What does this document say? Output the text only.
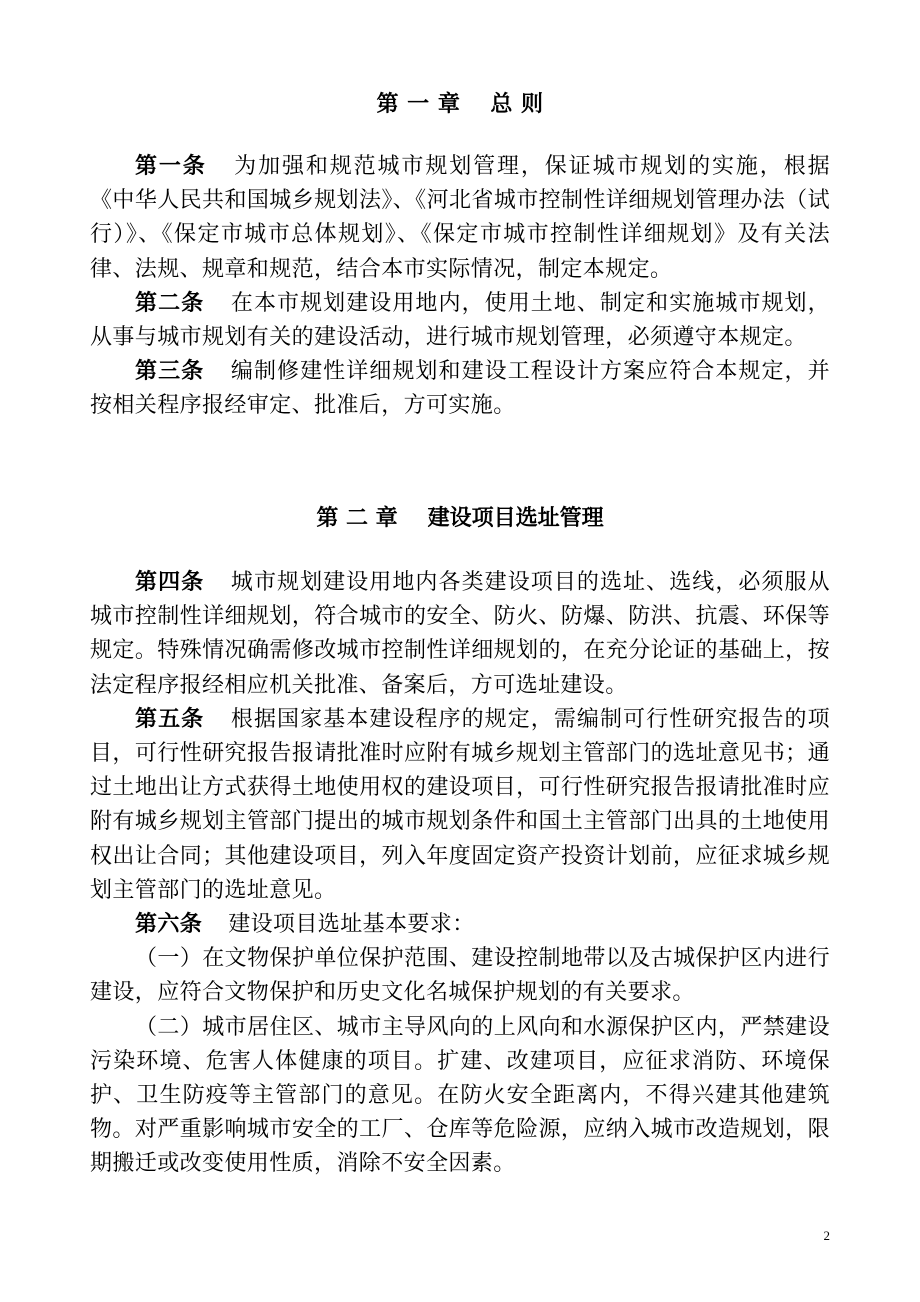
第 一 章 总 则

第一条 为加强和规范城市规划管理，保证城市规划的实施，根据《中华人民共和国城乡规划法》、《河北省城市控制性详细规划管理办法（试行）》、《保定市城市总体规划》、《保定市城市控制性详细规划》及有关法律、法规、规章和规范，结合本市实际情况，制定本规定。

第二条 在本市规划建设用地内，使用土地、制定和实施城市规划，从事与城市规划有关的建设活动，进行城市规划管理，必须遵守本规定。

第三条 编制修建性详细规划和建设工程设计方案应符合本规定，并按相关程序报经审定、批准后，方可实施。

第 二 章 建设项目选址管理

第四条 城市规划建设用地内各类建设项目的选址、选线，必须服从城市控制性详细规划，符合城市的安全、防火、防爆、防洪、抗震、环保等规定。特殊情况确需修改城市控制性详细规划的，在充分论证的基础上，按法定程序报经相应机关批准、备案后，方可选址建设。

第五条 根据国家基本建设程序的规定，需编制可行性研究报告的项目，可行性研究报告报请批准时应附有城乡规划主管部门的选址意见书；通过土地出让方式获得土地使用权的建设项目，可行性研究报告报请批准时应附有城乡规划主管部门提出的城市规划条件和国土主管部门出具的土地使用权出让合同；其他建设项目，列入年度固定资产投资计划前，应征求城乡规划主管部门的选址意见。

第六条 建设项目选址基本要求：

（一）在文物保护单位保护范围、建设控制地带以及古城保护区内进行建设，应符合文物保护和历史文化名城保护规划的有关要求。

（二）城市居住区、城市主导风向的上风向和水源保护区内，严禁建设污染环境、危害人体健康的项目。扩建、改建项目，应征求消防、环境保护、卫生防疫等主管部门的意见。在防火安全距离内，不得兴建其他建筑物。对严重影响城市安全的工厂、仓库等危险源，应纳入城市改造规划，限期搬迁或改变使用性质，消除不安全因素。

2
